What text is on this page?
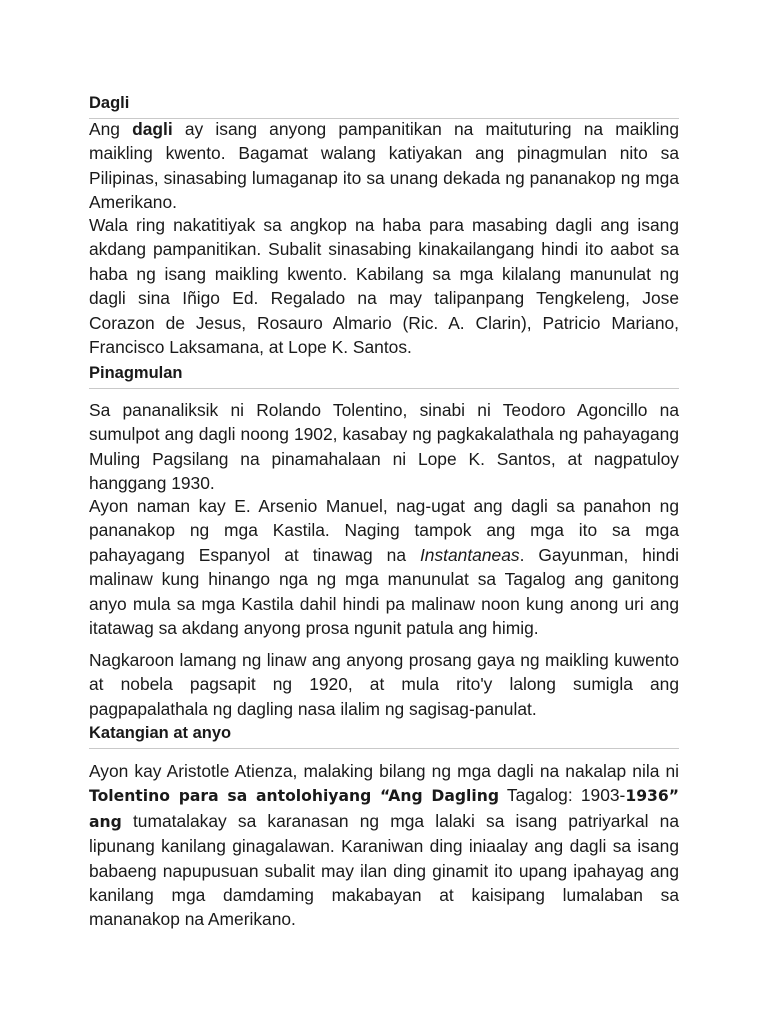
Dagli

Ang dagli ay isang anyong pampanitikan na maituturing na maikling maikling kwento. Bagamat walang katiyakan ang pinagmulan nito sa Pilipinas, sinasabing lumaganap ito sa unang dekada ng pananakop ng mga Amerikano.

Wala ring nakatitiyak sa angkop na haba para masabing dagli ang isang akdang pampanitikan. Subalit sinasabing kinakailangang hindi ito aabot sa haba ng isang maikling kwento. Kabilang sa mga kilalang manunulat ng dagli sina Iñigo Ed. Regalado na may talipanpang Tengkeleng, Jose Corazon de Jesus, Rosauro Almario (Ric. A. Clarin), Patricio Mariano, Francisco Laksamana, at Lope K. Santos.

Pinagmulan

Sa pananaliksik ni Rolando Tolentino, sinabi ni Teodoro Agoncillo na sumulpot ang dagli noong 1902, kasabay ng pagkakalathala ng pahayagang Muling Pagsilang na pinamahalaan ni Lope K. Santos, at nagpatuloy hanggang 1930.

Ayon naman kay E. Arsenio Manuel, nag-ugat ang dagli sa panahon ng pananakop ng mga Kastila. Naging tampok ang mga ito sa mga pahayagang Espanyol at tinawag na Instantaneas. Gayunman, hindi malinaw kung hinango nga ng mga manunulat sa Tagalog ang ganitong anyo mula sa mga Kastila dahil hindi pa malinaw noon kung anong uri ang itatawag sa akdang anyong prosa ngunit patula ang himig.

Nagkaroon lamang ng linaw ang anyong prosang gaya ng maikling kuwento at nobela pagsapit ng 1920, at mula rito'y lalong sumigla ang pagpapalathala ng dagling nasa ilalim ng sagisag-panulat.

Katangian at anyo

Ayon kay Aristotle Atienza, malaking bilang ng mga dagli na nakalap nila ni Tolentino para sa antolohiyang “Ang Dagling Tagalog: 1903-1936” ang tumatalakay sa karanasan ng mga lalaki sa isang patriyarkal na lipunang kanilang ginagalawan. Karaniwan ding iniaalay ang dagli sa isang babaeng napupusuan subalit may ilan ding ginamit ito upang ipahayag ang kanilang mga damdaming makabayan at kaisipang lumalaban sa mananakop na Amerikano.
